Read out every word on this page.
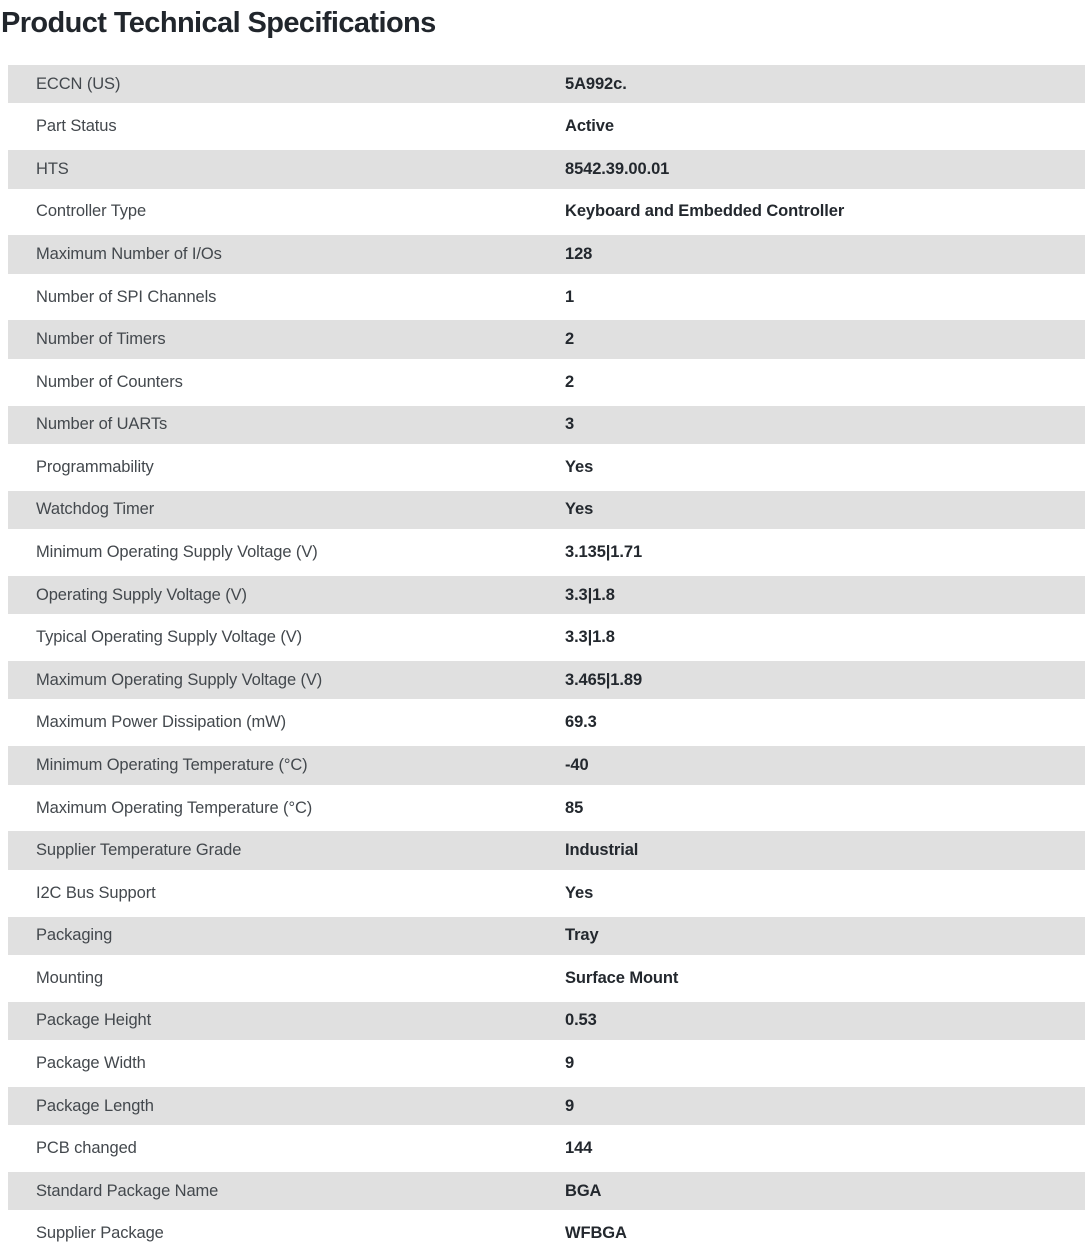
Product Technical Specifications
ECCN (US)	5A992c.
Part Status	Active
HTS	8542.39.00.01
Controller Type	Keyboard and Embedded Controller
Maximum Number of I/Os	128
Number of SPI Channels	1
Number of Timers	2
Number of Counters	2
Number of UARTs	3
Programmability	Yes
Watchdog Timer	Yes
Minimum Operating Supply Voltage (V)	3.135|1.71
Operating Supply Voltage (V)	3.3|1.8
Typical Operating Supply Voltage (V)	3.3|1.8
Maximum Operating Supply Voltage (V)	3.465|1.89
Maximum Power Dissipation (mW)	69.3
Minimum Operating Temperature (°C)	-40
Maximum Operating Temperature (°C)	85
Supplier Temperature Grade	Industrial
I2C Bus Support	Yes
Packaging	Tray
Mounting	Surface Mount
Package Height	0.53
Package Width	9
Package Length	9
PCB changed	144
Standard Package Name	BGA
Supplier Package	WFBGA
